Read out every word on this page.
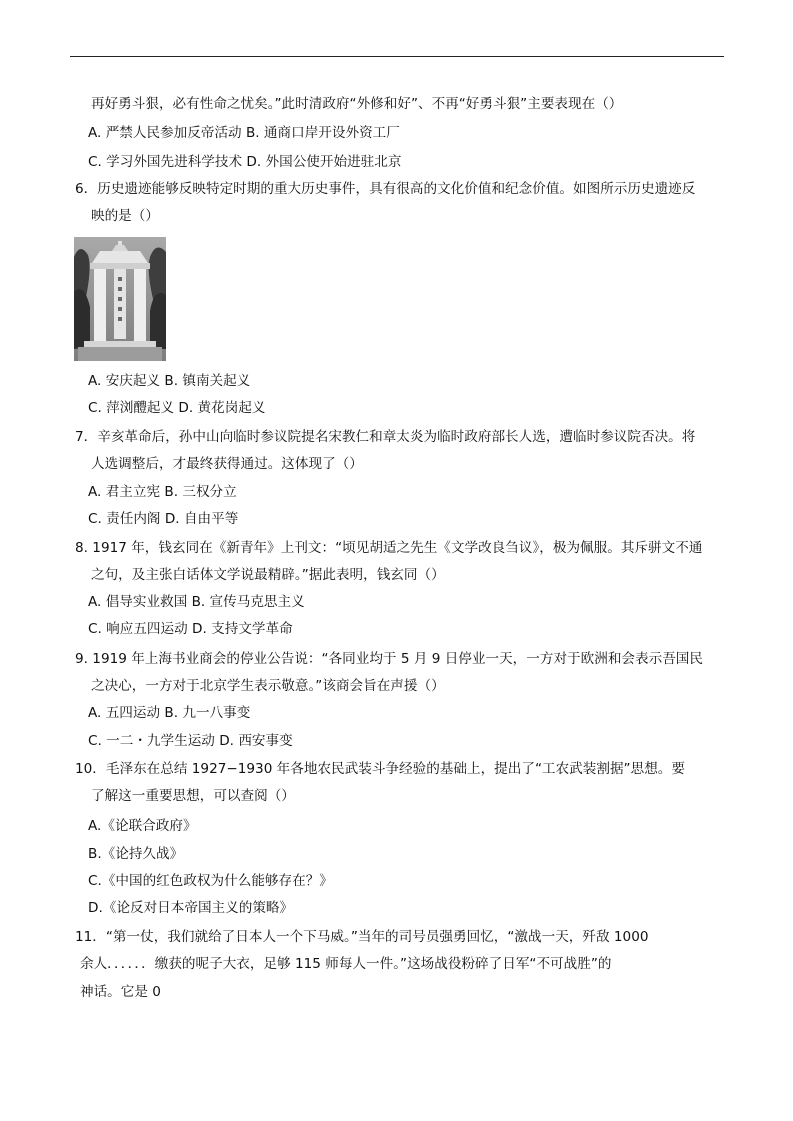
再好勇斗狠，必有性命之忧矣。”此时清政府“外修和好”、不再“好勇斗狠”主要表现在（）
A. 严禁人民参加反帝活动 B. 通商口岸开设外资工厂
C. 学习外国先进科学技术 D. 外国公使开始进驻北京
6．历史遗迹能够反映特定时期的重大历史事件，具有很高的文化价值和纪念价值。如图所示历史遗迹反
映的是（）
A. 安庆起义 B. 镇南关起义
C. 萍浏醴起义 D. 黄花岗起义
7．辛亥革命后，孙中山向临时参议院提名宋教仁和章太炎为临时政府部长人选，遭临时参议院否决。将
人选调整后，才最终获得通过。这体现了（）
A. 君主立宪 B. 三权分立
C. 责任内阁 D. 自由平等
8. 1917 年，钱玄同在《新青年》上刊文：“顷见胡适之先生《文学改良刍议》，极为佩服。其斥骈文不通
之句，及主张白话体文学说最精辟。”据此表明，钱玄同（）
A. 倡导实业救国 B. 宣传马克思主义
C. 响应五四运动 D. 支持文学革命
9. 1919 年上海书业商会的停业公告说：“各同业均于 5 月 9 日停业一天，一方对于欧洲和会表示吾国民
之决心，一方对于北京学生表示敬意。”该商会旨在声援（）
A. 五四运动 B. 九一八事变
C. 一二・九学生运动 D. 西安事变
10．毛泽东在总结 1927−1930 年各地农民武装斗争经验的基础上，提出了“工农武装割据”思想。要
了解这一重要思想，可以查阅（）
A.《论联合政府》
B.《论持久战》
C.《中国的红色政权为什么能够存在？》
D.《论反对日本帝国主义的策略》
11．“第一仗，我们就给了日本人一个下马威。”当年的司号员强勇回忆，“激战一天，歼敌 1000
余人．．．．．．缴获的呢子大衣，足够 115 师每人一件。”这场战役粉碎了日军“不可战胜”的
神话。它是 0
